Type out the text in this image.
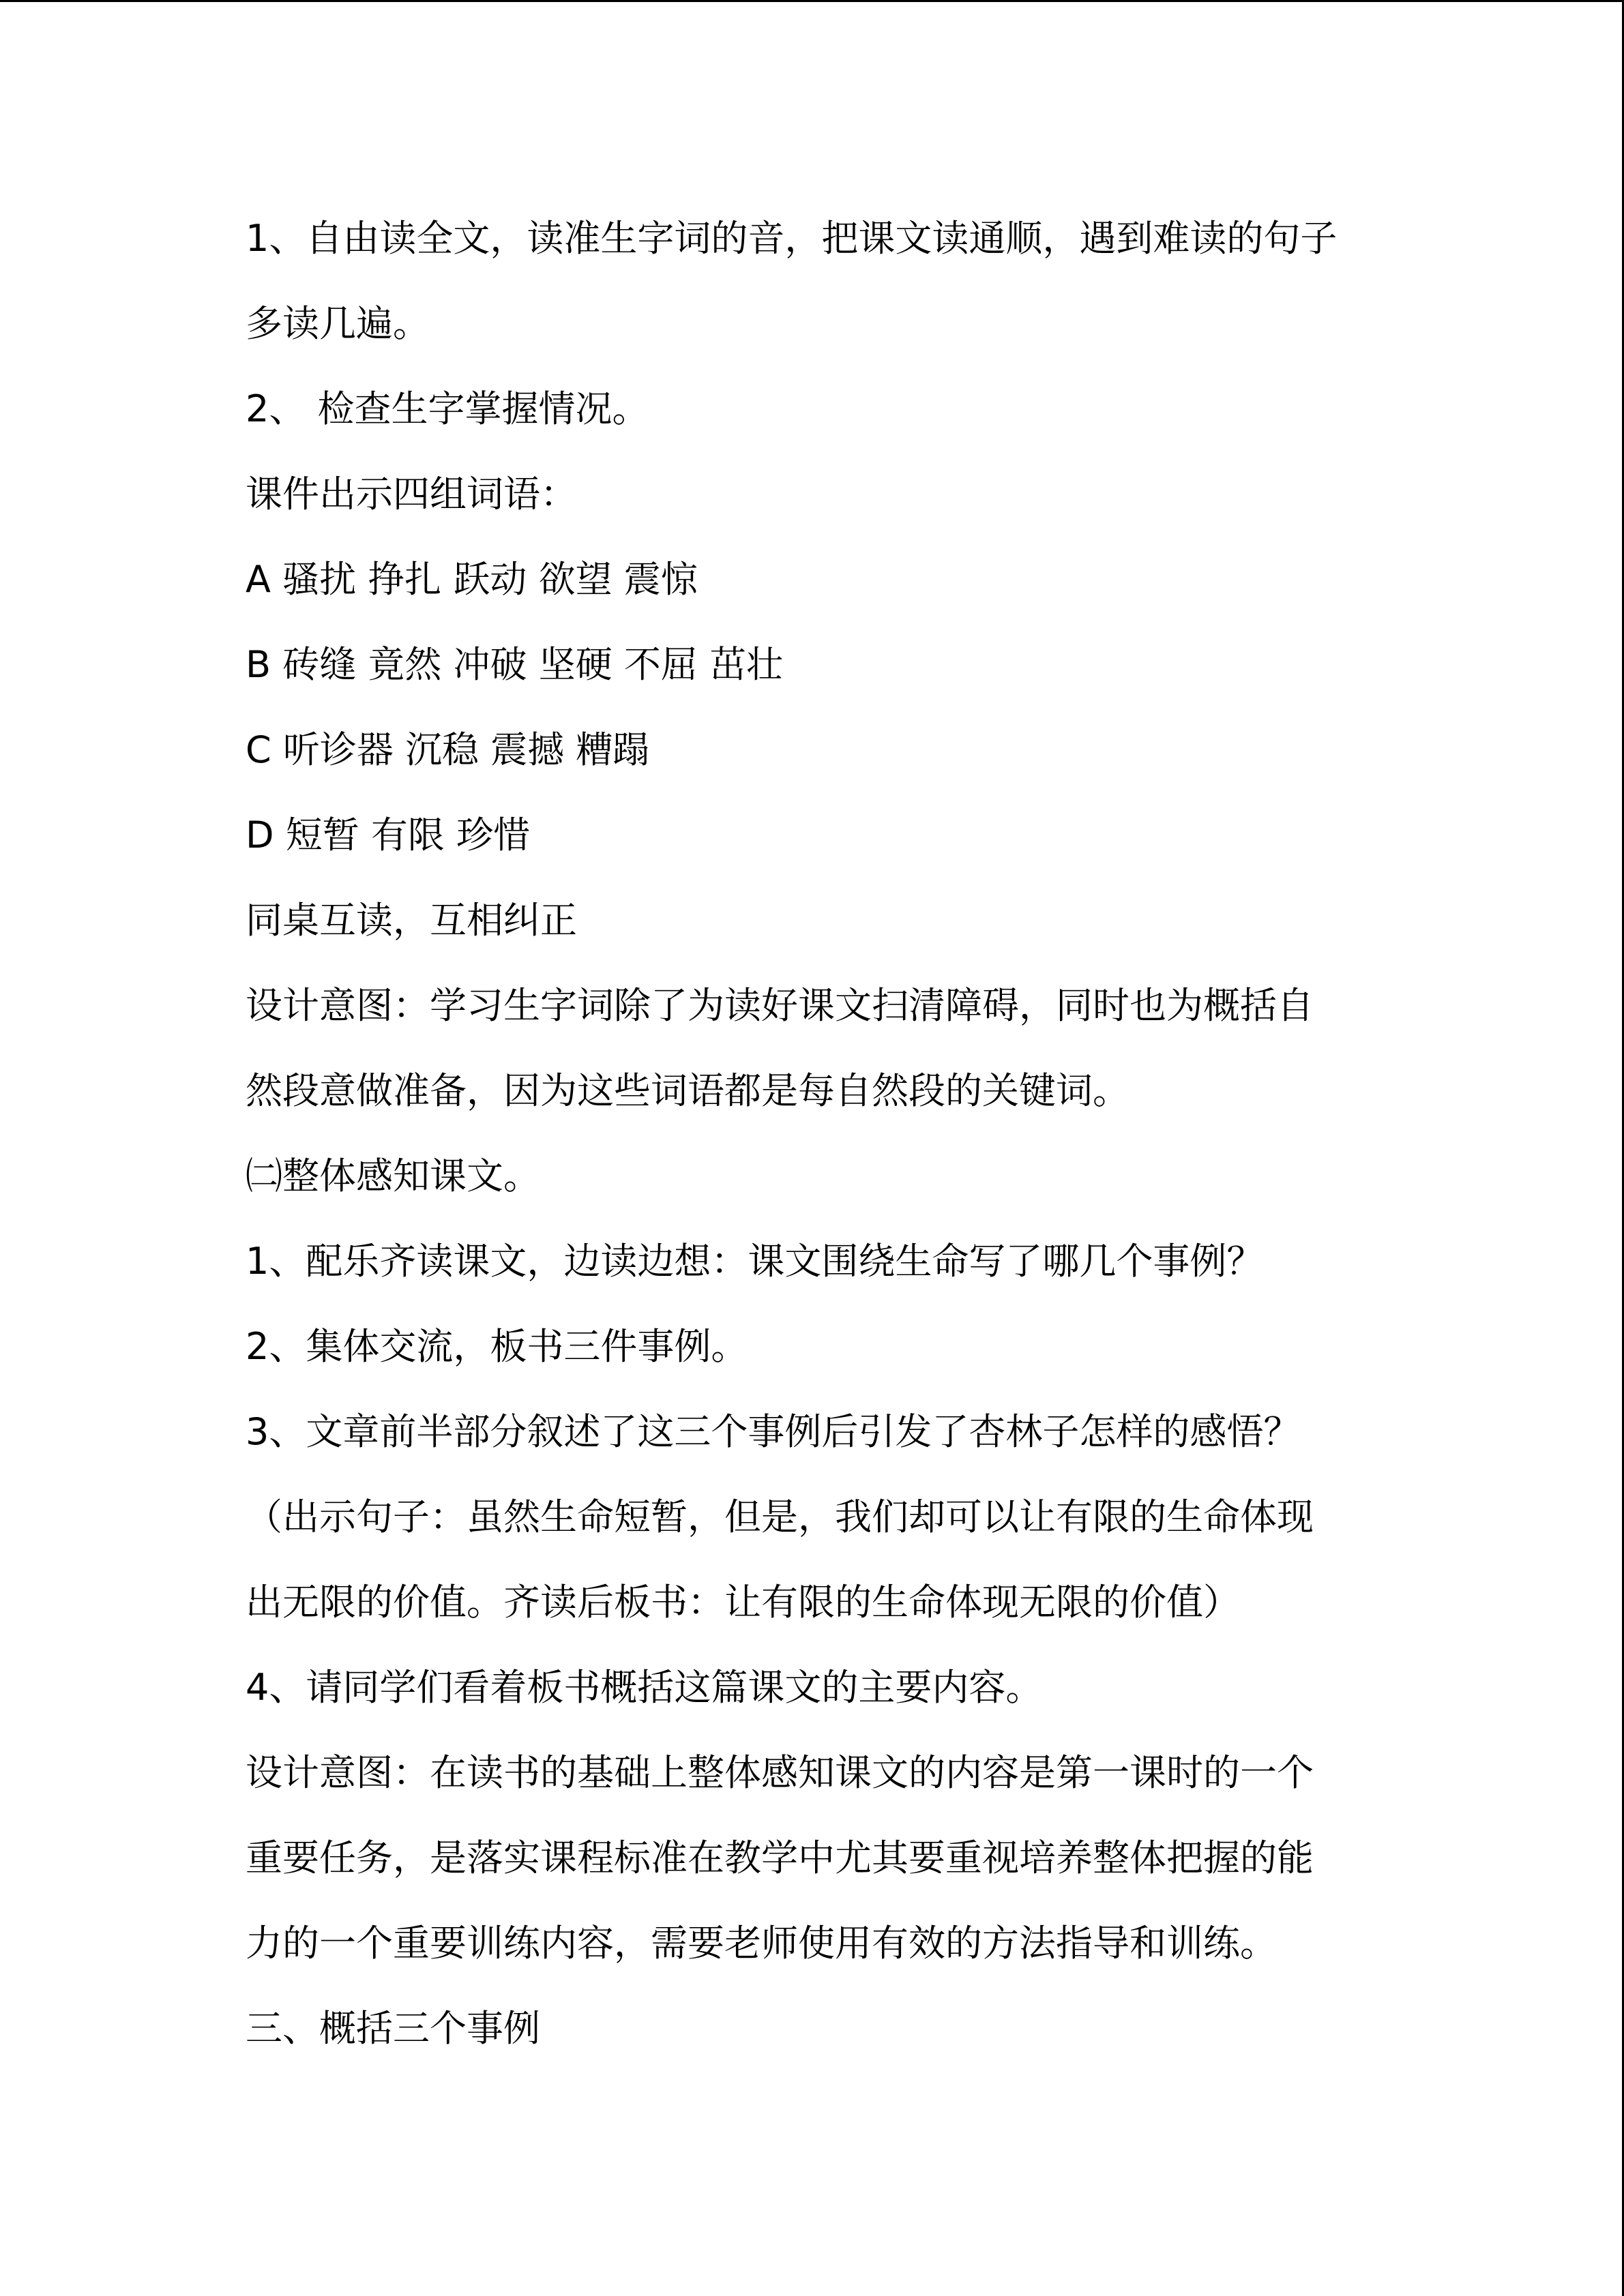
1、自由读全文，读准生字词的音，把课文读通顺，遇到难读的句子
多读几遍。
2、 检查生字掌握情况。
课件出示四组词语：
A 骚扰 挣扎 跃动 欲望 震惊
B 砖缝 竟然 冲破 坚硬 不屈 茁壮
C 听诊器 沉稳 震撼 糟蹋
D 短暂 有限 珍惜
同桌互读，互相纠正
设计意图：学习生字词除了为读好课文扫清障碍，同时也为概括自
然段意做准备，因为这些词语都是每自然段的关键词。
㈡整体感知课文。
1、配乐齐读课文，边读边想：课文围绕生命写了哪几个事例？
2、集体交流，板书三件事例。
3、文章前半部分叙述了这三个事例后引发了杏林子怎样的感悟？
（出示句子：虽然生命短暂，但是，我们却可以让有限的生命体现
出无限的价值。齐读后板书：让有限的生命体现无限的价值）
4、请同学们看着板书概括这篇课文的主要内容。
设计意图：在读书的基础上整体感知课文的内容是第一课时的一个
重要任务，是落实课程标准在教学中尤其要重视培养整体把握的能
力的一个重要训练内容，需要老师使用有效的方法指导和训练。
三、概括三个事例
